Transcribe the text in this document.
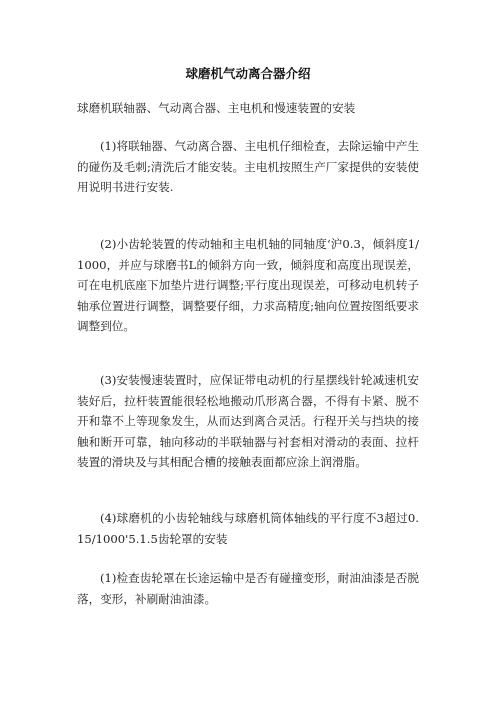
球磨机气动离合器介绍

球磨机联轴器、气动离合器、主电机和慢速装置的安装

(1)将联轴器、气动离合器、主电机仔细检查，去除运输中产生的碰伤及毛刺;清洗后才能安装。主电机按照生产厂家提供的安装使用说明书进行安装.

(2)小齿轮装置的传动轴和主电机轴的同轴度‘沪0.3，倾斜度1/1000，并应与球磨书L的倾斜方向一致，倾斜度和高度出现误差，可在电机底座下加垫片进行调整;平行度出现误差，可移动电机转子轴承位置进行调整，调整要仔细，力求高精度;轴向位置按图纸要求调整到位。

(3)安装慢速装置时，应保证带电动机的行星摆线针轮减速机安装好后，拉杆装置能很轻松地搬动爪形离合器，不得有卡紧、脱不开和靠不上等现象发生，从而达到离合灵活。行程开关与挡块的接触和断开可靠，轴向移动的半联轴器与衬套相对滑动的表面、拉杆装置的滑块及与其相配合槽的接触表面都应涂上润滑脂。

(4)球磨机的小齿轮轴线与球磨机筒体轴线的平行度不3超过0.15/1000'5.1.5齿轮罩的安装

(1)检查齿轮罩在长途运输中是否有碰撞变形，耐油油漆是否脱落，变形，补刷耐油油漆。
